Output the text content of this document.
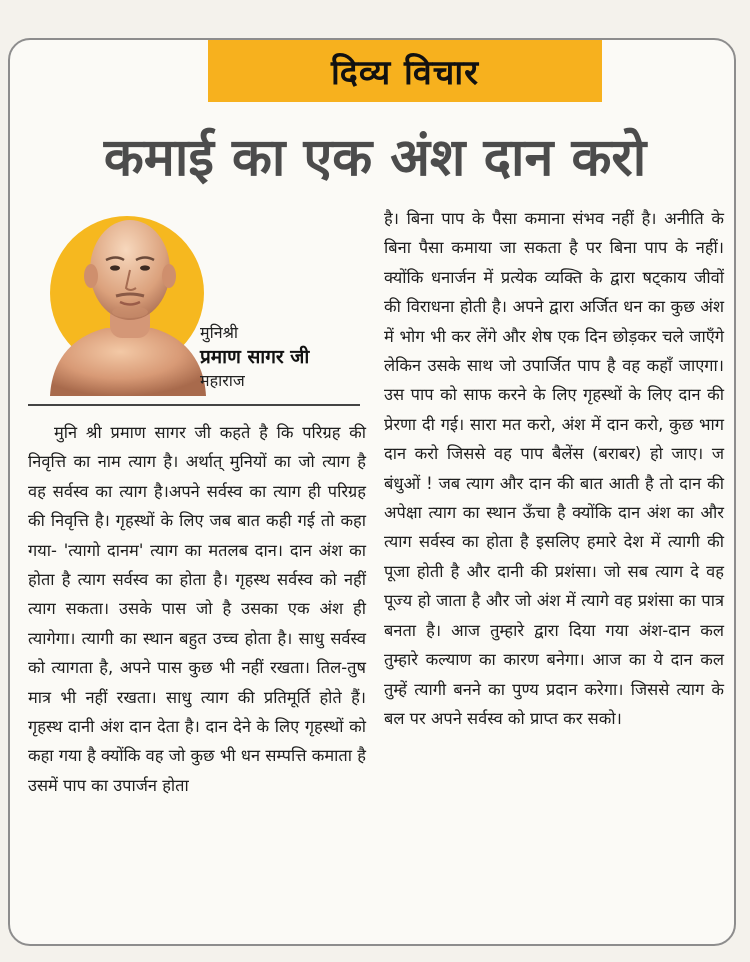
दिव्य विचार
कमाई का एक अंश दान करो
मुनिश्री
प्रमाण सागर जी
महाराज
मुनि श्री प्रमाण सागर जी कहते है कि परिग्रह की निवृत्ति का नाम त्याग है। अर्थात् मुनियों का जो त्याग है वह सर्वस्व का त्याग है।अपने सर्वस्व का त्याग ही परिग्रह की निवृत्ति है। गृहस्थों के लिए जब बात कही गई तो कहा गया- 'त्यागो दानम' त्याग का मतलब दान। दान अंश का होता है त्याग सर्वस्व का होता है। गृहस्थ सर्वस्व को नहीं त्याग सकता। उसके पास जो है उसका एक अंश ही त्यागेगा। त्यागी का स्थान बहुत उच्च होता है। साधु सर्वस्व को त्यागता है, अपने पास कुछ भी नहीं रखता। तिल-तुष मात्र भी नहीं रखता। साधु त्याग की प्रतिमूर्ति होते हैं। गृहस्थ दानी अंश दान देता है। दान देने के लिए गृहस्थों को कहा गया है क्योंकि वह जो कुछ भी धन सम्पत्ति कमाता है उसमें पाप का उपार्जन होता
है। बिना पाप के पैसा कमाना संभव नहीं है। अनीति के बिना पैसा कमाया जा सकता है पर बिना पाप के नहीं। क्योंकि धनार्जन में प्रत्येक व्यक्ति के द्वारा षट्काय जीवों की विराधना होती है। अपने द्वारा अर्जित धन का कुछ अंश में भोग भी कर लेंगे और शेष एक दिन छोड़कर चले जाएँगे लेकिन उसके साथ जो उपार्जित पाप है वह कहाँ जाएगा। उस पाप को साफ करने के लिए गृहस्थों के लिए दान की प्रेरणा दी गई। सारा मत करो, अंश में दान करो, कुछ भाग दान करो जिससे वह पाप बैलेंस (बराबर) हो जाए। ज बंधुओं ! जब त्याग और दान की बात आती है तो दान की अपेक्षा त्याग का स्थान ऊँचा है क्योंकि दान अंश का और त्याग सर्वस्व का होता है इसलिए हमारे देश में त्यागी की पूजा होती है और दानी की प्रशंसा। जो सब त्याग दे वह पूज्य हो जाता है और जो अंश में त्यागे वह प्रशंसा का पात्र बनता है। आज तुम्हारे द्वारा दिया गया अंश-दान कल तुम्हारे कल्याण का कारण बनेगा। आज का ये दान कल तुम्हें त्यागी बनने का पुण्य प्रदान करेगा। जिससे त्याग के बल पर अपने सर्वस्व को प्राप्त कर सको।
